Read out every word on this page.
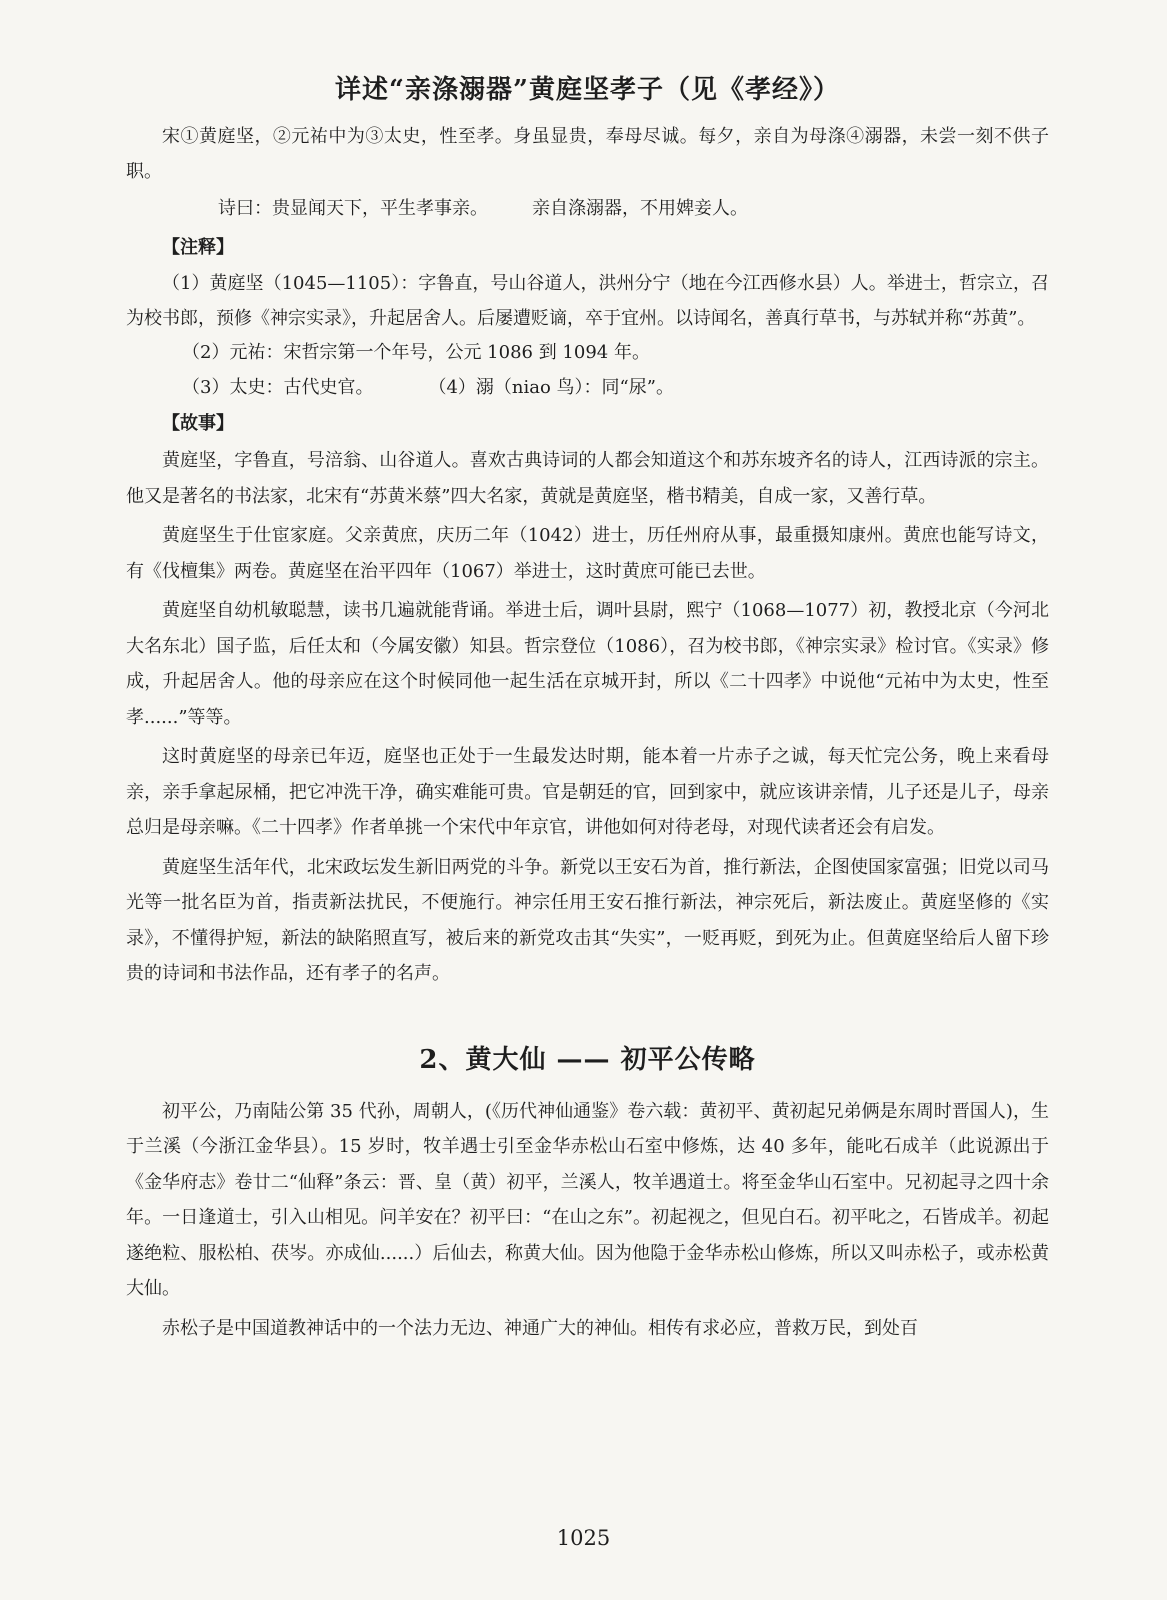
详述“亲涤溺器”黄庭坚孝子（见《孝经》）

宋①黄庭坚，②元祐中为③太史，性至孝。身虽显贵，奉母尽诚。每夕，亲自为母涤④溺器，未尝一刻不供子职。

诗曰：贵显闻天下，平生孝事亲。 亲自涤溺器，不用婢妾人。

【注释】

（1）黄庭坚（1045—1105）：字鲁直，号山谷道人，洪州分宁（地在今江西修水县）人。举进士，哲宗立，召为校书郎，预修《神宗实录》，升起居舍人。后屡遭贬谪，卒于宜州。以诗闻名，善真行草书，与苏轼并称“苏黄”。

（2）元祐：宋哲宗第一个年号，公元 1086 到 1094 年。

（3）太史：古代史官。	（4）溺（niao 鸟）：同“尿”。

【故事】

黄庭坚，字鲁直，号涪翁、山谷道人。喜欢古典诗词的人都会知道这个和苏东坡齐名的诗人，江西诗派的宗主。他又是著名的书法家，北宋有“苏黄米蔡”四大名家，黄就是黄庭坚，楷书精美，自成一家，又善行草。

黄庭坚生于仕宦家庭。父亲黄庶，庆历二年（1042）进士，历任州府从事，最重摄知康州。黄庶也能写诗文，有《伐檀集》两卷。黄庭坚在治平四年（1067）举进士，这时黄庶可能已去世。

黄庭坚自幼机敏聪慧，读书几遍就能背诵。举进士后，调叶县尉，熙宁（1068—1077）初，教授北京（今河北大名东北）国子监，后任太和（今属安徽）知县。哲宗登位（1086），召为校书郎，《神宗实录》检讨官。《实录》修成，升起居舍人。他的母亲应在这个时候同他一起生活在京城开封，所以《二十四孝》中说他“元祐中为太史，性至孝......”等等。

这时黄庭坚的母亲已年迈，庭坚也正处于一生最发达时期，能本着一片赤子之诚，每天忙完公务，晚上来看母亲，亲手拿起尿桶，把它冲洗干净，确实难能可贵。官是朝廷的官，回到家中，就应该讲亲情，儿子还是儿子，母亲总归是母亲嘛。《二十四孝》作者单挑一个宋代中年京官，讲他如何对待老母，对现代读者还会有启发。

黄庭坚生活年代，北宋政坛发生新旧两党的斗争。新党以王安石为首，推行新法，企图使国家富强；旧党以司马光等一批名臣为首，指责新法扰民，不便施行。神宗任用王安石推行新法，神宗死后，新法废止。黄庭坚修的《实录》，不懂得护短，新法的缺陷照直写，被后来的新党攻击其“失实”，一贬再贬，到死为止。但黄庭坚给后人留下珍贵的诗词和书法作品，还有孝子的名声。

2、黄大仙 —— 初平公传略

初平公，乃南陆公第 35 代孙，周朝人，(《历代神仙通鉴》卷六载：黄初平、黄初起兄弟俩是东周时晋国人)，生于兰溪（今浙江金华县）。15 岁时，牧羊遇士引至金华赤松山石室中修炼，达 40 多年，能叱石成羊（此说源出于《金华府志》卷廿二“仙释”条云：晋、皇（黄）初平，兰溪人，牧羊遇道士。将至金华山石室中。兄初起寻之四十余年。一日逢道士，引入山相见。问羊安在？初平曰：“在山之东”。初起视之，但见白石。初平叱之，石皆成羊。初起遂绝粒、服松柏、茯岑。亦成仙......）后仙去，称黄大仙。因为他隐于金华赤松山修炼，所以又叫赤松子，或赤松黄大仙。

赤松子是中国道教神话中的一个法力无边、神通广大的神仙。相传有求必应，普救万民，到处百

1025
